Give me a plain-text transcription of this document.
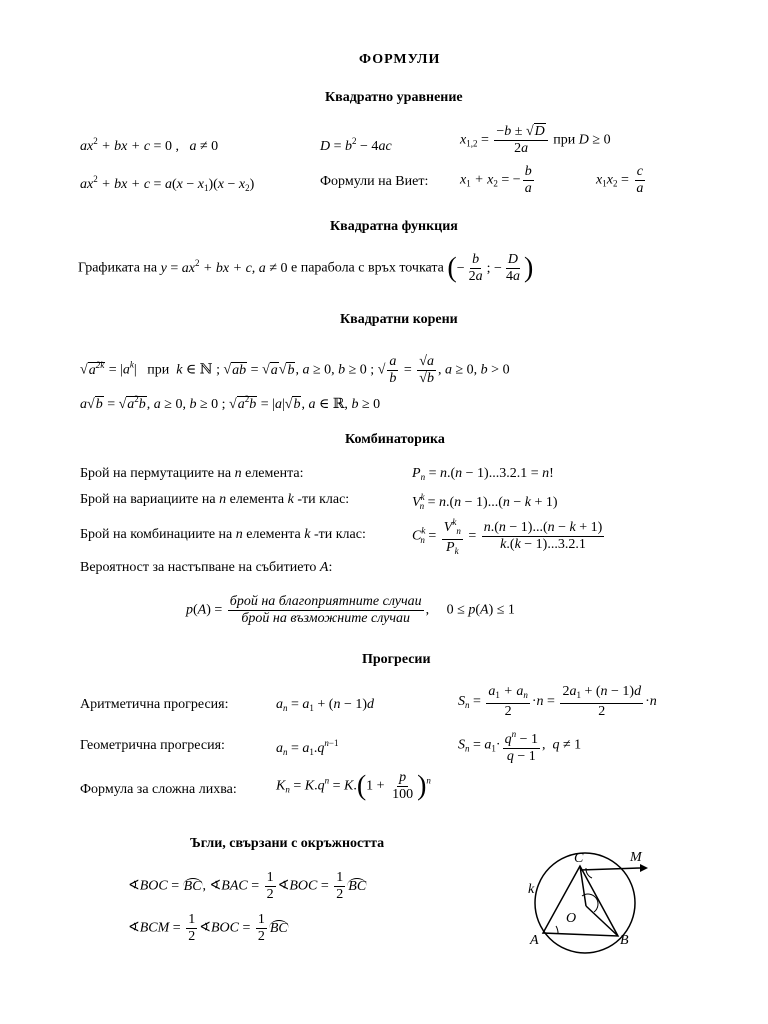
ФОРМУЛИ
Квадратно уравнение
$ax^2$ + bx + c = 0 ,   a ≠ 0	$D = b^2 - 4ac$	$x_{1,2} = \frac{-b \pm √D}{2a}$ при D ≥ 0
$ax^2$ + bx + $c = a(x - x_1)(x - x_2)$	Формули на Виет: $x_1 + x_2$ = − $\frac{b}{a}$	$x_1x_2 = \frac{c}{a}$
Квадратна функция
Графиката на $y = ax^2$ + bx + c, a ≠ 0 е парабола с връх точката (− $\frac{b}{2a}$ ; − $\frac{D}{4a}$ )
Квадратни корени
$√a^{2k} = |a^k|$ при  k ∈ ℕ ; √ab = √a√b, a ≥ 0, b ≥ 0 ; √ $\frac{a}{b} = \frac{√a}{√b}$ , a ≥ 0, b > 0
$a√b = √a^2b$, a ≥ 0, b ≥ 0 ; $√a^2b = |a|√b$, a ∈ ℝ, b ≥ 0
Комбинаторика
Брой на пермутациите на n елемента:	$P_n = n.(n - 1)...3.2.1 = n$!
Брой на вариациите на n елемента k -ти клас:	$V^k_n = n.(n - 1)...(n - k + 1)$
Брой на комбинациите на n елемента k -ти клас:	$C^k_n = \frac{V^k_n}{P_k} = \frac{n.(n - 1)...(n - k + 1)}{k.(k - 1)...3.2.1}$
Вероятност за настъпване на събитието A:
$p(A) = \frac{\text{брой на благоприятните случаи}}{\text{брой на възможните случаи}}$ , 0 ≤ p(A) ≤ 1
Прогресии
Аритметична прогресия:	$a_n = a_1 + (n - 1)d$	$S_n = \frac{a_1 + a_n}{2} \cdot n = \frac{2a_1 + (n - 1)d}{2} \cdot n$
Геометрична прогресия:	$a_n = a_1.q^{n-1}$	$S_n = a_1\cdot \frac{q^n - 1}{q - 1}$ ,  q ≠ 1
Формула за сложна лихва:	$K_n = K.q^n = K.(1 + \frac{p}{100} )^n$
Ъгли, свързани с окръжността
∢BOC = BC, ∢BAC = $\frac{1}{2}$ ∢BOC = $\frac{1}{2}$ BC
∢BCM = $\frac{1}{2}$ ∢BOC = $\frac{1}{2}$ BC
C	M
k
O
A	B
